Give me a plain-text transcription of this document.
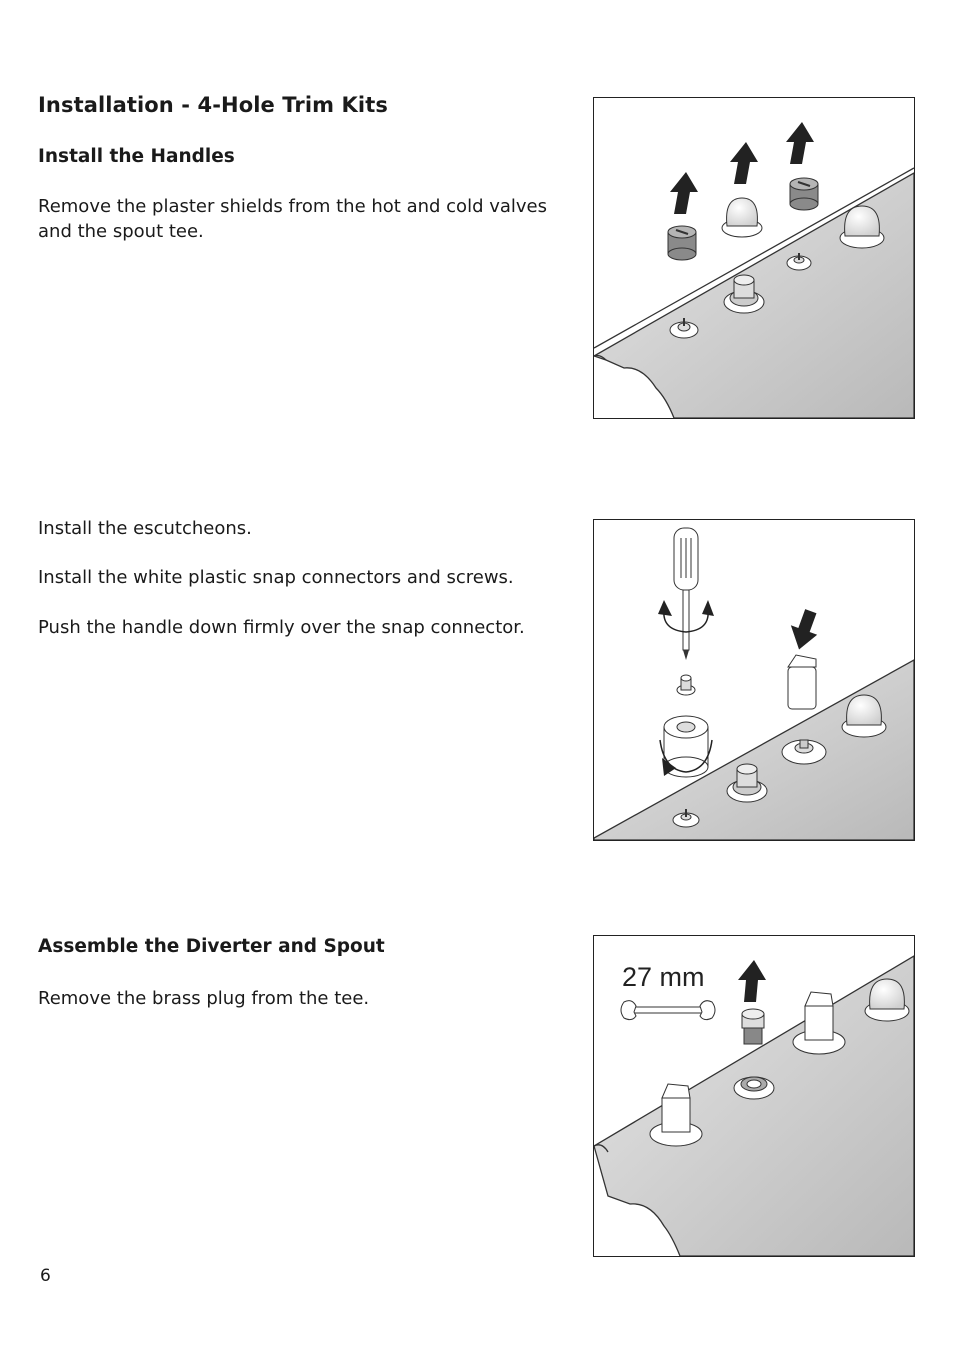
Installation - 4-Hole Trim Kits
Install the Handles
Remove the plaster shields from the hot and cold valves and the spout tee.
Install the escutcheons.
Install the white plastic snap connectors and screws.
Push the handle down firmly over the snap connector.
Assemble the Diverter and Spout
Remove the brass plug from the tee.
27 mm
6
